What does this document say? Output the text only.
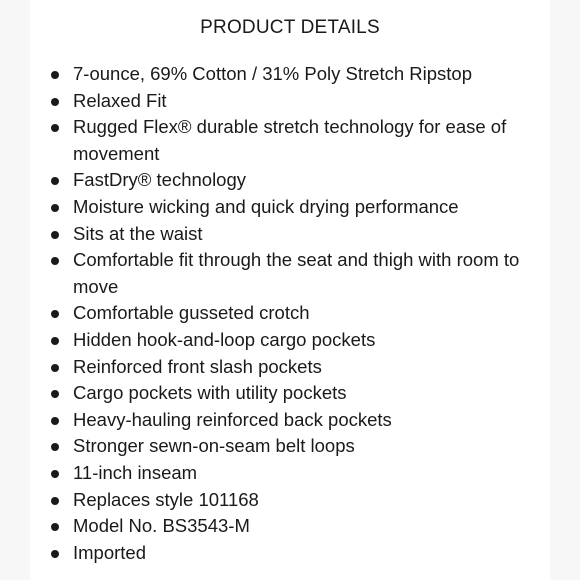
PRODUCT DETAILS
7-ounce, 69% Cotton / 31% Poly Stretch Ripstop
Relaxed Fit
Rugged Flex® durable stretch technology for ease of movement
FastDry® technology
Moisture wicking and quick drying performance
Sits at the waist
Comfortable fit through the seat and thigh with room to move
Comfortable gusseted crotch
Hidden hook-and-loop cargo pockets
Reinforced front slash pockets
Cargo pockets with utility pockets
Heavy-hauling reinforced back pockets
Stronger sewn-on-seam belt loops
11-inch inseam
Replaces style 101168
Model No. BS3543-M
Imported
